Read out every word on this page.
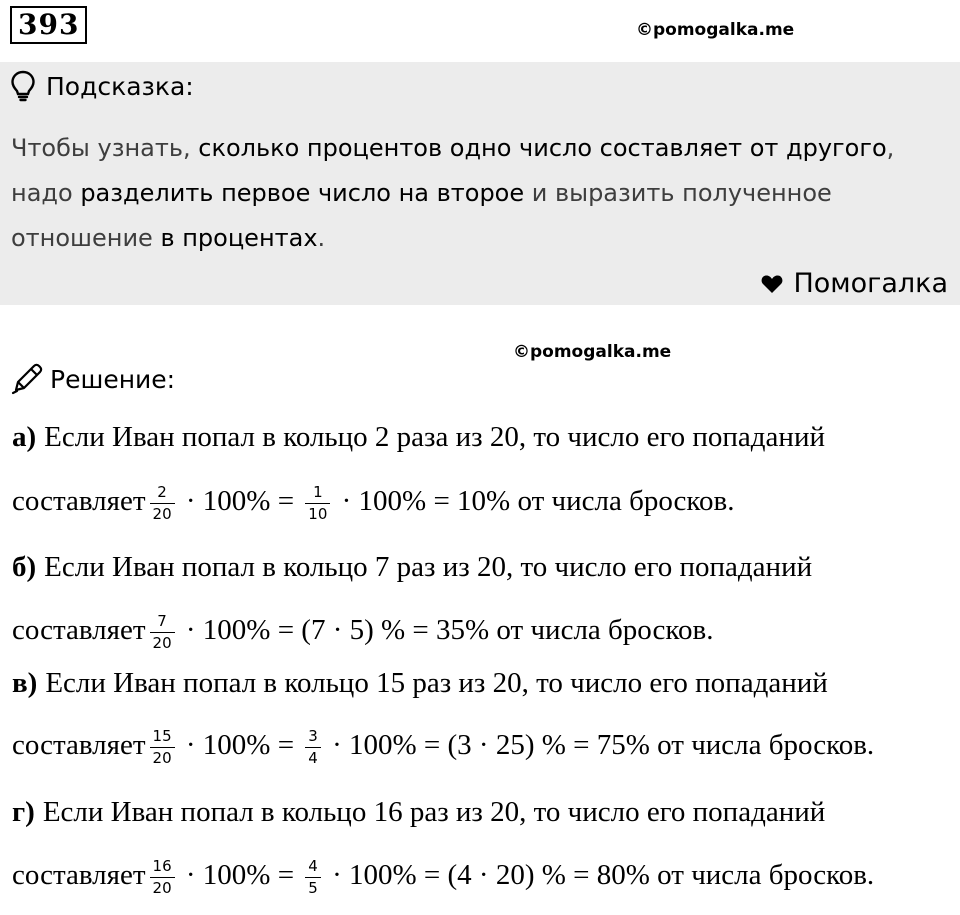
393	©pomogalka.me
Подсказка:
Чтобы узнать, сколько процентов одно число составляет от другого,
надо разделить первое число на второе и выразить полученное
отношение в процентах.
Помогалка
©pomogalka.me
Решение:
а) Если Иван попал в кольцо 2 раза из 20, то число его попаданий
составляет $\frac{2}{20} \cdot 100\% = \frac{1}{10} \cdot 100\% = 10\%$ от числа бросков.
б) Если Иван попал в кольцо 7 раз из 20, то число его попаданий
составляет $\frac{7}{20} \cdot 100\% = (7 \cdot 5)$ % = 35% от числа бросков.
в) Если Иван попал в кольцо 15 раз из 20, то число его попаданий
составляет $\frac{15}{20} \cdot 100\% = \frac{3}{4} \cdot 100\% = (3 \cdot 25)$ % = 75% от числа бросков.
г) Если Иван попал в кольцо 16 раз из 20, то число его попаданий
составляет $\frac{16}{20} \cdot 100\% = \frac{4}{5} \cdot 100\% = (4 \cdot 20)$ % = 80% от числа бросков.
